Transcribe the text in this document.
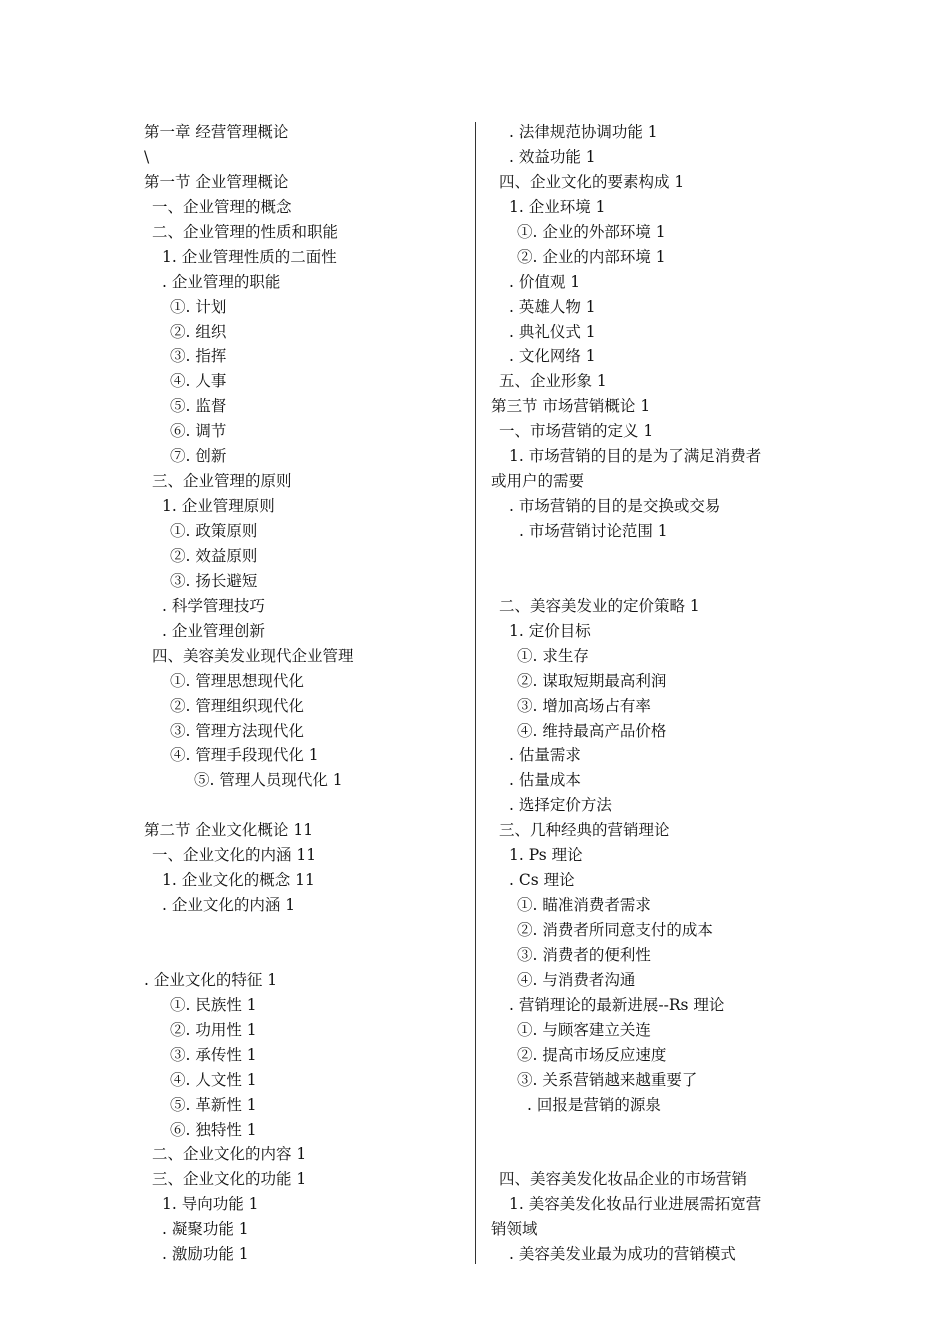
第一章 经营管理概论
\
第一节 企业管理概论
一、企业管理的概念
二、企业管理的性质和职能
1. 企业管理性质的二面性
. 企业管理的职能
①. 计划
②. 组织
③. 指挥
④. 人事
⑤. 监督
⑥. 调节
⑦. 创新
三、企业管理的原则
1. 企业管理原则
①. 政策原则
②. 效益原则
③. 扬长避短
. 科学管理技巧
. 企业管理创新
四、美容美发业现代企业管理
①. 管理思想现代化
②. 管理组织现代化
③. 管理方法现代化
④. 管理手段现代化 1
⑤. 管理人员现代化 1
第二节 企业文化概论 11
一、企业文化的内涵 11
1. 企业文化的概念 11
. 企业文化的内涵 1
. 企业文化的特征 1
①. 民族性 1
②. 功用性 1
③. 承传性 1
④. 人文性 1
⑤. 革新性 1
⑥. 独特性 1
二、企业文化的内容 1
三、企业文化的功能 1
1. 导向功能 1
. 凝聚功能 1
. 激励功能 1
. 法律规范协调功能 1
. 效益功能 1
四、企业文化的要素构成 1
1. 企业环境 1
①. 企业的外部环境 1
②. 企业的内部环境 1
. 价值观 1
. 英雄人物 1
. 典礼仪式 1
. 文化网络 1
五、企业形象 1
第三节 市场营销概论 1
一、市场营销的定义 1
1. 市场营销的目的是为了满足消费者
或用户的需要
. 市场营销的目的是交换或交易
. 市场营销讨论范围 1
二、美容美发业的定价策略 1
1. 定价目标
①. 求生存
②. 谋取短期最高利润
③. 增加高场占有率
④. 维持最高产品价格
. 估量需求
. 估量成本
. 选择定价方法
三、几种经典的营销理论
1. Ps 理论
. Cs 理论
①. 瞄准消费者需求
②. 消费者所同意支付的成本
③. 消费者的便利性
④. 与消费者沟通
. 营销理论的最新进展--Rs 理论
①. 与顾客建立关连
②. 提高市场反应速度
③. 关系营销越来越重要了
. 回报是营销的源泉
四、美容美发化妆品企业的市场营销
1. 美容美发化妆品行业进展需拓宽营
销领域
. 美容美发业最为成功的营销模式
